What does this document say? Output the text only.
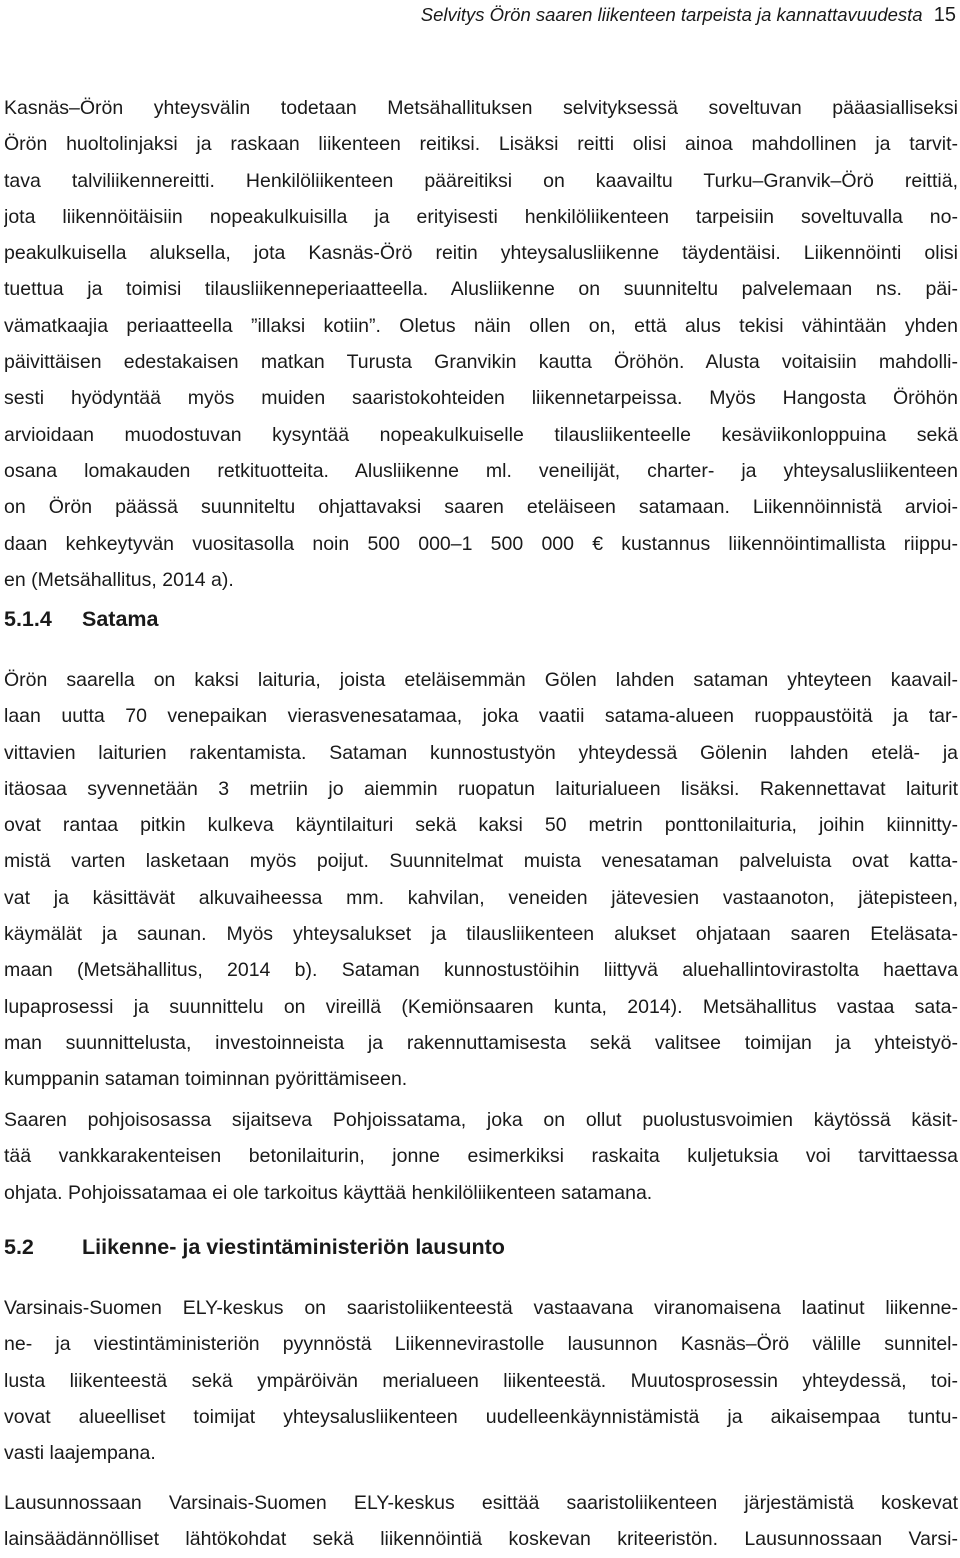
Selvitys Örön saaren liikenteen tarpeista ja kannattavuudesta 15
Kasnäs–Örön yhteysvälin todetaan Metsähallituksen selvityksessä soveltuvan pääasialliseksi
Örön huoltolinjaksi ja raskaan liikenteen reitiksi. Lisäksi reitti olisi ainoa mahdollinen ja tarvit-
tava talviliikennereitti. Henkilöliikenteen pääreitiksi on kaavailtu Turku–Granvik–Örö reittiä,
jota liikennöitäisiin nopeakulkuisilla ja erityisesti henkilöliikenteen tarpeisiin soveltuvalla no-
peakulkuisella aluksella, jota Kasnäs-Örö reitin yhteysalusliikenne täydentäisi. Liikennöinti olisi
tuettua ja toimisi tilausliikenneperiaatteella. Alusliikenne on suunniteltu palvelemaan ns. päi-
vämatkaajia periaatteella ”illaksi kotiin”. Oletus näin ollen on, että alus tekisi vähintään yhden
päivittäisen edestakaisen matkan Turusta Granvikin kautta Öröhön. Alusta voitaisiin mahdolli-
sesti hyödyntää myös muiden saaristokohteiden liikennetarpeissa. Myös Hangosta Öröhön
arvioidaan muodostuvan kysyntää nopeakulkuiselle tilausliikenteelle kesäviikonloppuina sekä
osana lomakauden retkituotteita. Alusliikenne ml. veneilijät, charter- ja yhteysalusliikenteen
on Örön päässä suunniteltu ohjattavaksi saaren eteläiseen satamaan. Liikennöinnistä arvioi-
daan kehkeytyvän vuositasolla noin 500 000–1 500 000 € kustannus liikennöintimallista riippu-
en (Metsähallitus, 2014 a).
5.1.4 Satama
Örön saarella on kaksi laituria, joista eteläisemmän Gölen lahden sataman yhteyteen kaavail-
laan uutta 70 venepaikan vierasvenesatamaa, joka vaatii satama-alueen ruoppaustöitä ja tar-
vittavien laiturien rakentamista. Sataman kunnostustyön yhteydessä Gölenin lahden etelä- ja
itäosaa syvennetään 3 metriin jo aiemmin ruopatun laiturialueen lisäksi. Rakennettavat laiturit
ovat rantaa pitkin kulkeva käyntilaituri sekä kaksi 50 metrin ponttonilaituria, joihin kiinnitty-
mistä varten lasketaan myös poijut. Suunnitelmat muista venesataman palveluista ovat katta-
vat ja käsittävät alkuvaiheessa mm. kahvilan, veneiden jätevesien vastaanoton, jätepisteen,
käymälät ja saunan. Myös yhteysalukset ja tilausliikenteen alukset ohjataan saaren Eteläsata-
maan (Metsähallitus, 2014 b). Sataman kunnostustöihin liittyvä aluehallintovirastolta haettava
lupaprosessi ja suunnittelu on vireillä (Kemiönsaaren kunta, 2014). Metsähallitus vastaa sata-
man suunnittelusta, investoinneista ja rakennuttamisesta sekä valitsee toimijan ja yhteistyö-
kumppanin sataman toiminnan pyörittämiseen.
Saaren pohjoisosassa sijaitseva Pohjoissatama, joka on ollut puolustusvoimien käytössä käsit-
tää vankkarakenteisen betonilaiturin, jonne esimerkiksi raskaita kuljetuksia voi tarvittaessa
ohjata. Pohjoissatamaa ei ole tarkoitus käyttää henkilöliikenteen satamana.
5.2 Liikenne- ja viestintäministeriön lausunto
Varsinais-Suomen ELY-keskus on saaristoliikenteestä vastaavana viranomaisena laatinut liikenne-
ne- ja viestintäministeriön pyynnöstä Liikennevirastolle lausunnon Kasnäs–Örö välille sunnitel-
lusta liikenteestä sekä ympäröivän merialueen liikenteestä. Muutosprosessin yhteydessä, toi-
vovat alueelliset toimijat yhteysalusliikenteen uudelleenkäynnistämistä ja aikaisempaa tuntu-
vasti laajempana.
Lausunnossaan Varsinais-Suomen ELY-keskus esittää saaristoliikenteen järjestämistä koskevat
lainsäädännölliset lähtökohdat sekä liikennöintiä koskevan kriteeristön. Lausunnossaan Varsi-
